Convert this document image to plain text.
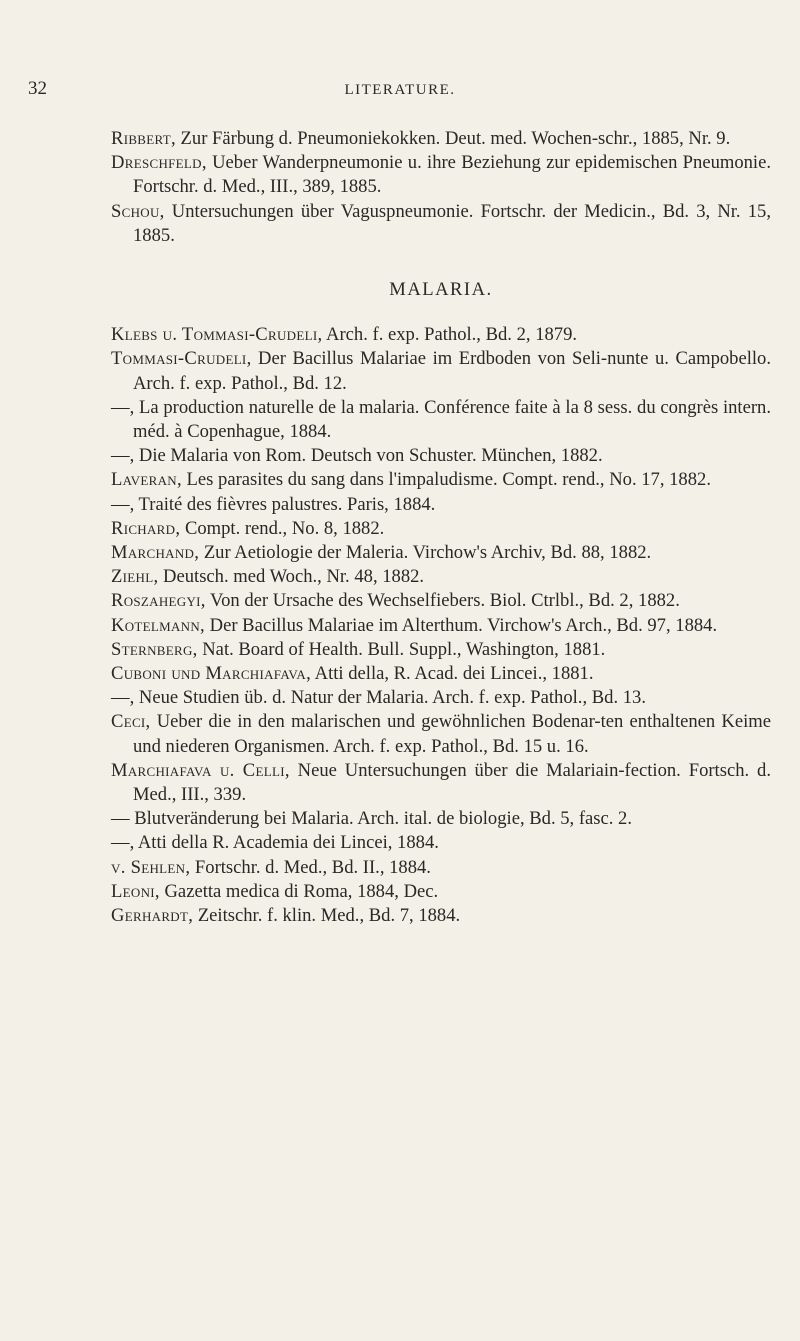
32	LITERATURE.

Ribbert, Zur Färbung d. Pneumoniekokken. Deut. med. Wochen-schr., 1885, Nr. 9.

Dreschfeld, Ueber Wanderpneumonie u. ihre Beziehung zur epidemischen Pneumonie. Fortschr. d. Med., III., 389, 1885.

Schou, Untersuchungen über Vaguspneumonie. Fortschr. der Medicin., Bd. 3, Nr. 15, 1885.

MALARIA.

Klebs u. Tommasi-Crudeli, Arch. f. exp. Pathol., Bd. 2, 1879.

Tommasi-Crudeli, Der Bacillus Malariae im Erdboden von Seli-nunte u. Campobello. Arch. f. exp. Pathol., Bd. 12.

—, La production naturelle de la malaria. Conférence faite à la 8 sess. du congrès intern. méd. à Copenhague, 1884.

—, Die Malaria von Rom. Deutsch von Schuster. München, 1882.

Laveran, Les parasites du sang dans l'impaludisme. Compt. rend., No. 17, 1882.

—, Traité des fièvres palustres. Paris, 1884.

Richard, Compt. rend., No. 8, 1882.

Marchand, Zur Aetiologie der Maleria. Virchow's Archiv, Bd. 88, 1882.

Ziehl, Deutsch. med Woch., Nr. 48, 1882.

Roszahegyi, Von der Ursache des Wechselfiebers. Biol. Ctrlbl., Bd. 2, 1882.

Kotelmann, Der Bacillus Malariae im Alterthum. Virchow's Arch., Bd. 97, 1884.

Sternberg, Nat. Board of Health. Bull. Suppl., Washington, 1881.

Cuboni und Marchiafava, Atti della, R. Acad. dei Lincei., 1881.

—, Neue Studien üb. d. Natur der Malaria. Arch. f. exp. Pathol., Bd. 13.

Ceci, Ueber die in den malarischen und gewöhnlichen Bodenar-ten enthaltenen Keime und niederen Organismen. Arch. f. exp. Pathol., Bd. 15 u. 16.

Marchiafava u. Celli, Neue Untersuchungen über die Malariain-fection. Fortsch. d. Med., III., 339.

— Blutveränderung bei Malaria. Arch. ital. de biologie, Bd. 5, fasc. 2.

—, Atti della R. Academia dei Lincei, 1884.

v. Sehlen, Fortschr. d. Med., Bd. II., 1884.

Leoni, Gazetta medica di Roma, 1884, Dec.

Gerhardt, Zeitschr. f. klin. Med., Bd. 7, 1884.
